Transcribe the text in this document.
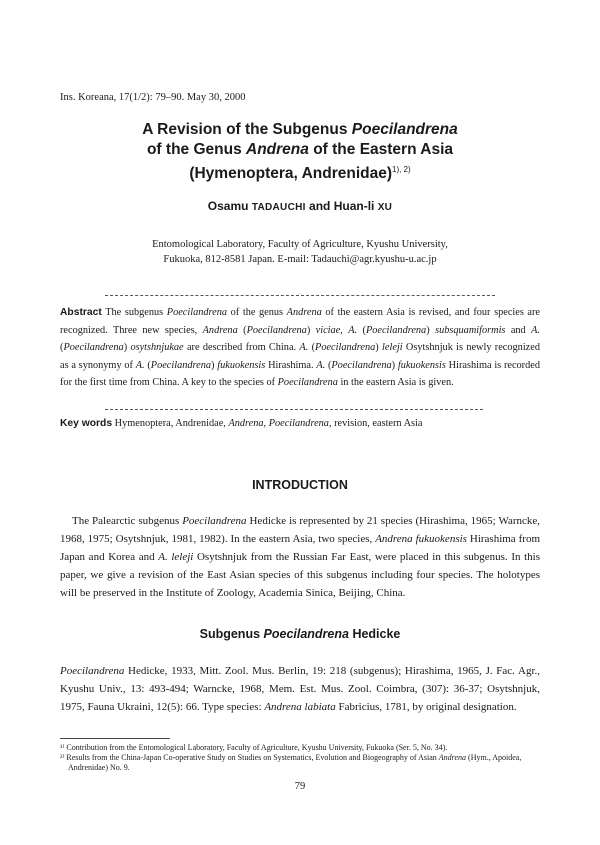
Ins. Koreana, 17(1/2): 79–90. May 30, 2000
A Revision of the Subgenus Poecilandrena
of the Genus Andrena of the Eastern Asia
(Hymenoptera, Andrenidae)$^{1), 2)}$
Osamu TADAUCHI and Huan-li XU
Entomological Laboratory, Faculty of Agriculture, Kyushu University,
Fukuoka, 812-8581 Japan. E-mail: Tadauchi@agr.kyushu-u.ac.jp
Abstract The subgenus Poecilandrena of the genus Andrena of the eastern Asia is revised, and four species are recognized. Three new species, Andrena (Poecilandrena) viciae, A. (Poecilandrena) subsquamiformis and A. (Poecilandrena) osytshnjukae are described from China. A. (Poecilandrena) leleji Osytshnjuk is newly recognized as a synonymy of A. (Poecilandrena) fukuokensis Hirashima. A. (Poecilandrena) fukuokensis Hirashima is recorded for the first time from China. A key to the species of Poecilandrena in the eastern Asia is given.
Key words Hymenoptera, Andrenidae, Andrena, Poecilandrena, revision, eastern Asia
INTRODUCTION
The Palearctic subgenus Poecilandrena Hedicke is represented by 21 species (Hirashima, 1965; Warncke, 1968, 1975; Osytshnjuk, 1981, 1982). In the eastern Asia, two species, Andrena fukuokensis Hirashima from Japan and Korea and A. leleji Osytshnjuk from the Russian Far East, were placed in this subgenus. In this paper, we give a revision of the East Asian species of this subgenus including four species. The holotypes will be preserved in the Institute of Zoology, Academia Sinica, Beijing, China.
Subgenus Poecilandrena Hedicke
Poecilandrena Hedicke, 1933, Mitt. Zool. Mus. Berlin, 19: 218 (subgenus); Hirashima, 1965, J. Fac. Agr., Kyushu Univ., 13: 493-494; Warncke, 1968, Mem. Est. Mus. Zool. Coimbra, (307): 36-37; Osytshnjuk, 1975, Fauna Ukraini, 12(5): 66. Type species: Andrena labiata Fabricius, 1781, by original designation.
¹⁾ Contribution from the Entomological Laboratory, Faculty of Agriculture, Kyushu University, Fukuoka (Ser. 5, No. 34).
²⁾ Results from the China-Japan Co-operative Study on Studies on Systematics, Evolution and Biogeography of Asian Andrena (Hym., Apoidea, Andrenidae) No. 9.
79
